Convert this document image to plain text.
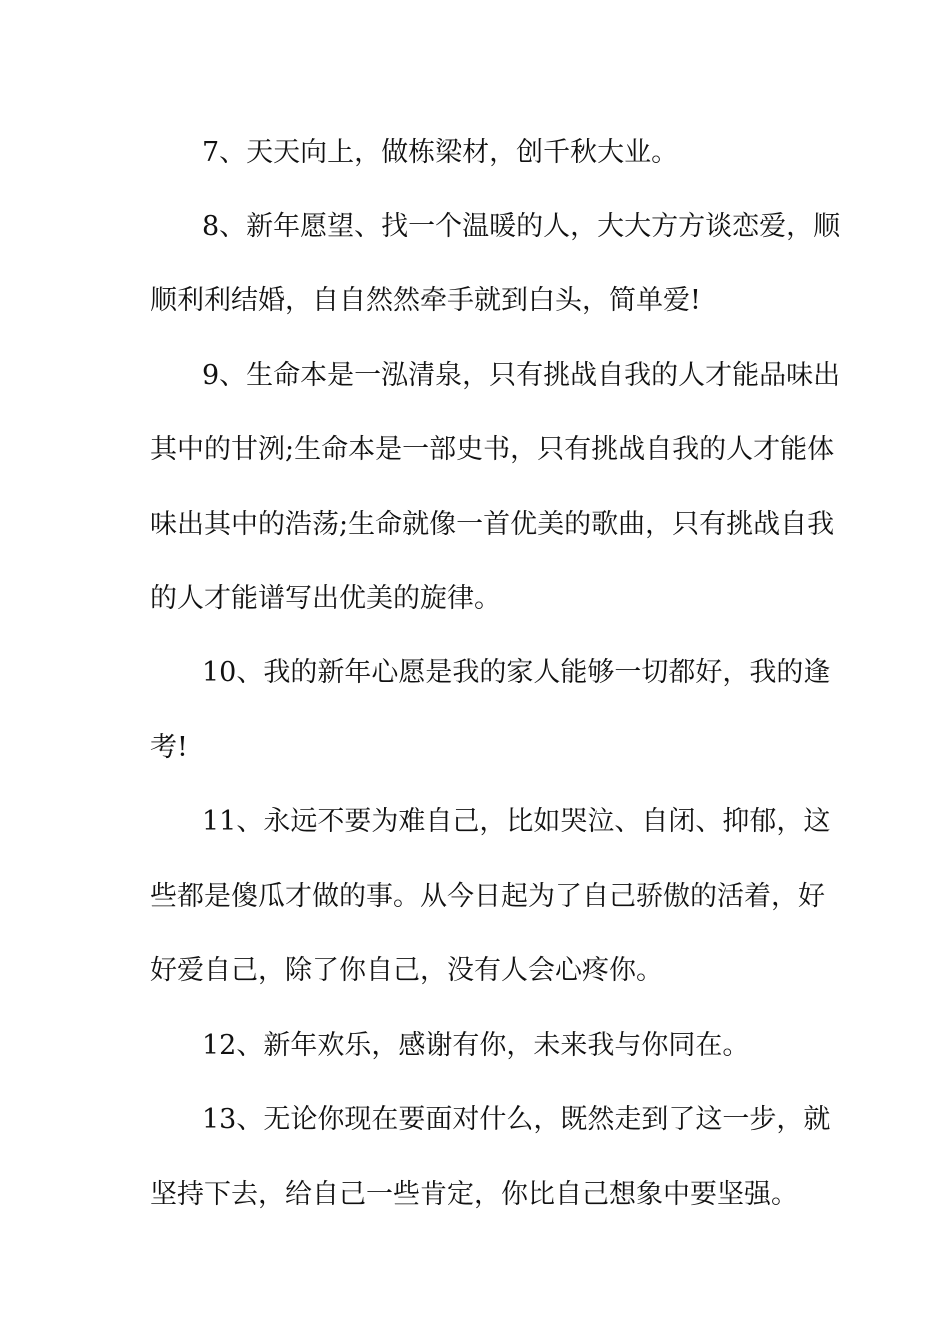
7、天天向上，做栋梁材，创千秋大业。
8、新年愿望、找一个温暖的人，大大方方谈恋爱，顺
顺利利结婚，自自然然牵手就到白头，简单爱!
9、生命本是一泓清泉，只有挑战自我的人才能品味出
其中的甘洌;生命本是一部史书，只有挑战自我的人才能体
味出其中的浩荡;生命就像一首优美的歌曲，只有挑战自我
的人才能谱写出优美的旋律。
10、我的新年心愿是我的家人能够一切都好，我的逢
考!
11、永远不要为难自己，比如哭泣、自闭、抑郁，这
些都是傻瓜才做的事。从今日起为了自己骄傲的活着，好
好爱自己，除了你自己，没有人会心疼你。
12、新年欢乐，感谢有你，未来我与你同在。
13、无论你现在要面对什么，既然走到了这一步，就
坚持下去，给自己一些肯定，你比自己想象中要坚强。
